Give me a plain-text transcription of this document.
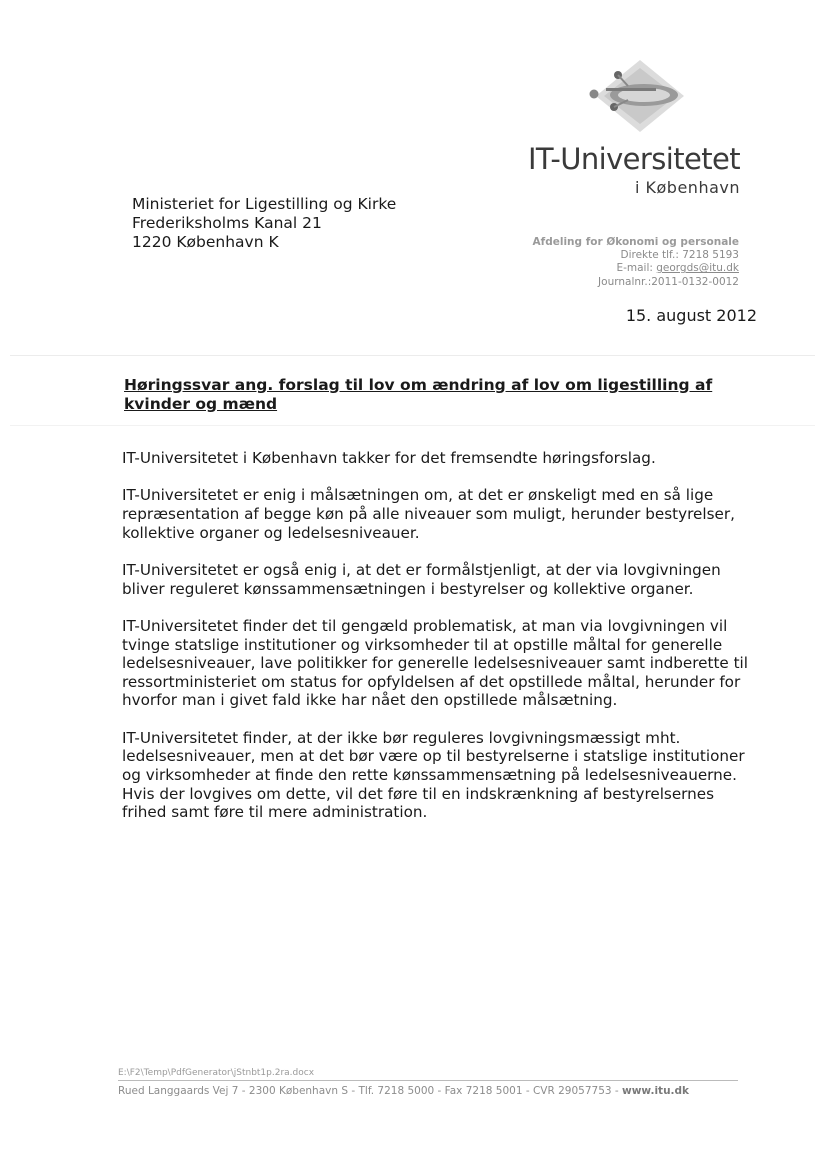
IT-Universitetet
i København
Ministeriet for Ligestilling og Kirke
Frederiksholms Kanal 21
1220 København K	Afdeling for Økonomi og personale
Direkte tlf.: 7218 5193
E-mail: georgds@itu.dk
Journalnr.:2011-0132-0012
15. august 2012
Høringssvar ang. forslag til lov om ændring af lov om ligestilling af kvinder og mænd

IT-Universitetet i København takker for det fremsendte høringsforslag.

IT-Universitetet er enig i målsætningen om, at det er ønskeligt med en så lige repræsentation af begge køn på alle niveauer som muligt, herunder bestyrelser, kollektive organer og ledelsesniveauer.

IT-Universitetet er også enig i, at det er formålstjenligt, at der via lovgivningen bliver reguleret kønssammensætningen i bestyrelser og kollektive organer.

IT-Universitetet finder det til gengæld problematisk, at man via lovgivningen vil tvinge statslige institutioner og virksomheder til at opstille måltal for generelle ledelsesniveauer, lave politikker for generelle ledelsesniveauer samt indberette til ressortministeriet om status for opfyldelsen af det opstillede måltal, herunder for hvorfor man i givet fald ikke har nået den opstillede målsætning.

IT-Universitetet finder, at der ikke bør reguleres lovgivningsmæssigt mht. ledelsesniveauer, men at det bør være op til bestyrelserne i statslige institutioner og virksomheder at finde den rette kønssammensætning på ledelsesniveauerne. Hvis der lovgives om dette, vil det føre til en indskrænkning af bestyrelsernes frihed samt føre til mere administration.

E:\F2\Temp\PdfGenerator\jStnbt1p.2ra.docx
Rued Langgaards Vej 7 - 2300 København S - Tlf. 7218 5000 - Fax 7218 5001 - CVR 29057753 - www.itu.dk
